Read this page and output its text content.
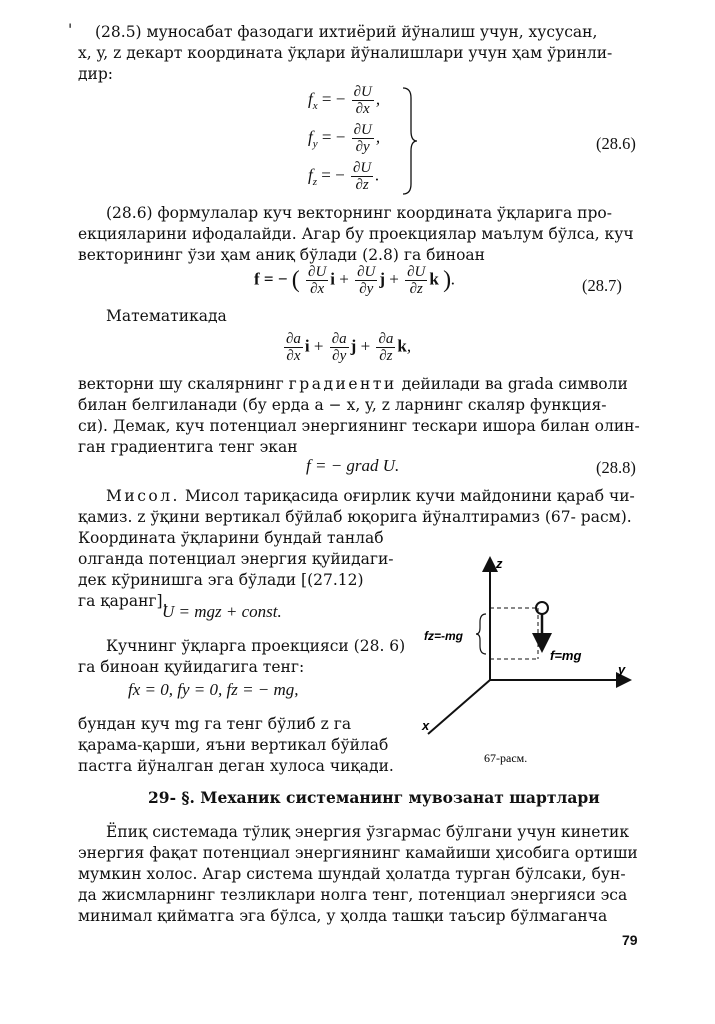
' (28.5) муносабат фазодаги ихтиёрий йўналиш учун, хусусан,
x, y, z декарт координата ўқлари йўналишлари учун ҳам ўринли-
дир:
$f_x$ = − $\frac{\partial U}{\partial x}$ ,
$f_y$ = − $\frac{\partial U}{\partial y}$ ,
$f_z$ = − $\frac{\partial U}{\partial z}$ .
(28.6)
(28.6) формулалар куч векторнинг координата ўқларига про-
екцияларини ифодалайди. Агар бу проекциялар маълум бўлса, куч
векторининг ўзи ҳам аниқ бўлади (2.8) га биноан
f = − ( $\frac{\partial U}{\partial x}$ $i + \frac{\partial U}{\partial y}$ $j + \frac{\partial U}{\partial z}$ k ).	(28.7)
Математикада
$\frac{\partial a}{\partial x}$ $i + \frac{\partial a}{\partial y}$ $j + \frac{\partial a}{\partial z} k$,
векторни шу скалярнинг градиенти дейилади ва grada символи
билан белгиланади (бу ерда a − x, y, z ларнинг скаляр функция-
си). Демак, куч потенциал энергиянинг тескари ишора билан олин-
ган градиентига тенг экан
f = − grad U.	(28.8)
Мисол. Мисол тариқасида оғирлик кучи майдонини қараб чи-
қамиз. z ўқини вертикал бўйлаб юқорига йўналтирамиз (67- расм).
Координата ўқларини бундай танлаб
олганда потенциал энергия қуйидаги-
дек кўринишга эга бўлади [(27.12)
га қаранг].
U = mgz + const.
Кучнинг ўқларга проекцияси (28. 6)
га биноан қуйидагига тенг:
fx = 0, fy = 0, fz = − mg,
бундан куч mg га тенг бўлиб z га
қарама-қарши, яъни вертикал бўйлаб
пастга йўналган деган хулоса чиқади.
z
y
x
fz=-mg
f=mg
67-расм.
29- §. Механик системанинг мувозанат шартлари
Ёпиқ системада тўлиқ энергия ўзгармас бўлгани учун кинетик
энергия фақат потенциал энергиянинг камайиши ҳисобига ортиши
мумкин холос. Агар система шундай ҳолатда турган бўлсаки, бун-
да жисмларнинг тезликлари нолга тенг, потенциал энергияси эса
минимал қийматга эга бўлса, у ҳолда ташқи таъсир бўлмаганча
79
